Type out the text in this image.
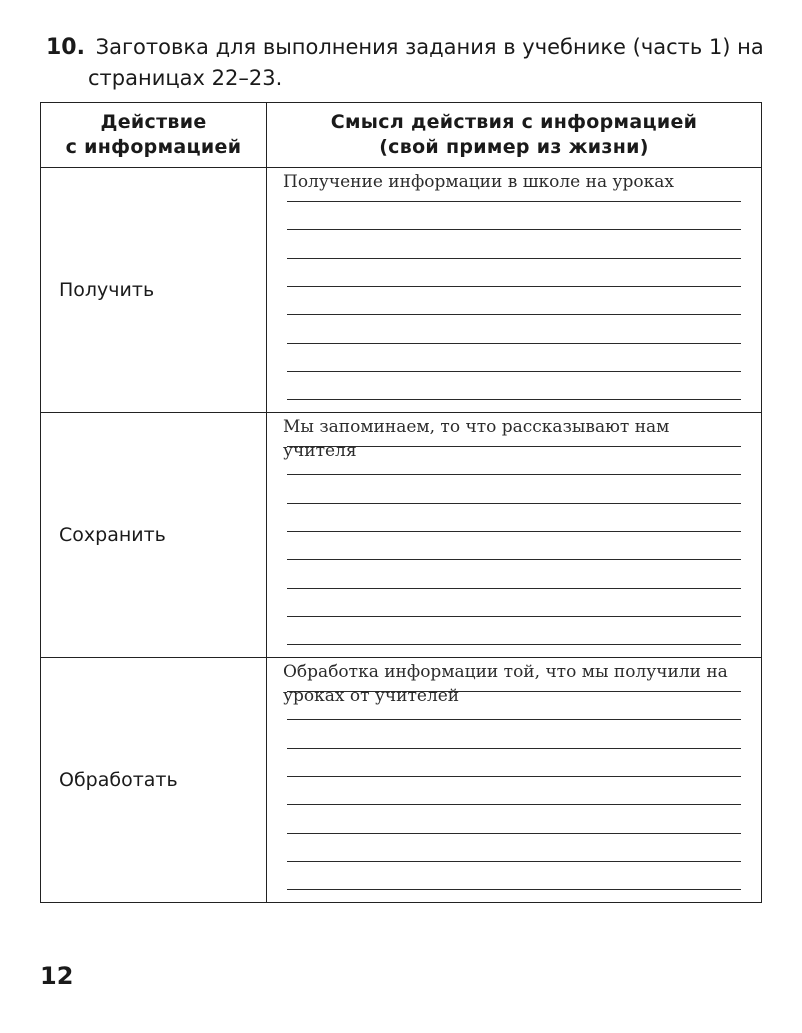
10. Заготовка для выполнения задания в учебнике (часть 1) на
страницах 22–23.
Действие
с информацией	Смысл действия с информацией
(свой пример из жизни)
Получить	Получение информации в школе на уроках

Сохранить	Мы запоминаем, то что рассказывают нам учителя

Обработать	Обработка информации той, что мы получили на уроках от учителей
12
